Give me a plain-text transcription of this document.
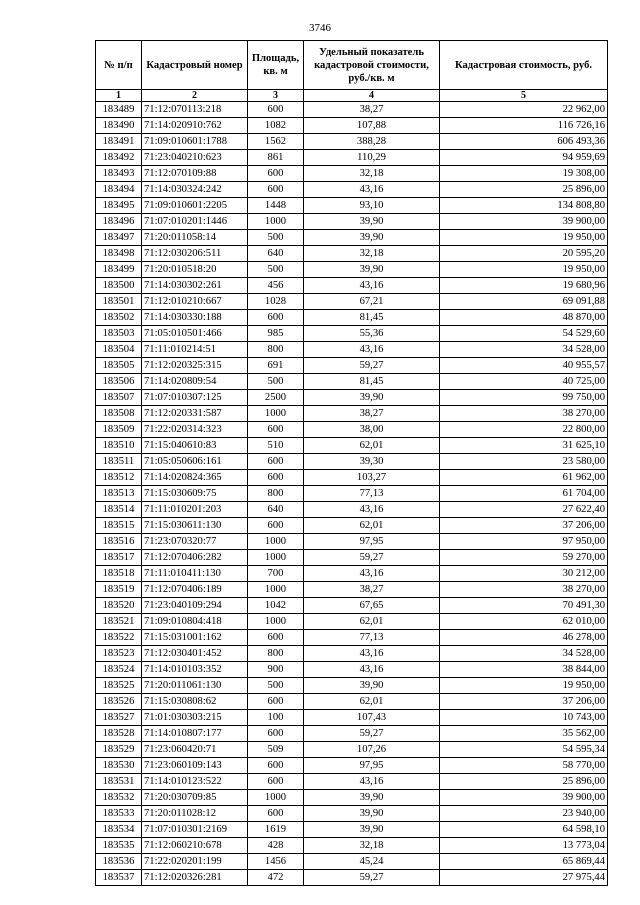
3746
№ п/п	Кадастровый номер	Площадь, кв. м	Удельный показатель кадастровой стоимости, руб./кв. м	Кадастровая стоимость, руб.
1	2	3	4	5
183489	71:12:070113:218	600	38,27	22 962,00
183490	71:14:020910:762	1082	107,88	116 726,16
183491	71:09:010601:1788	1562	388,28	606 493,36
183492	71:23:040210:623	861	110,29	94 959,69
183493	71:12:070109:88	600	32,18	19 308,00
183494	71:14:030324:242	600	43,16	25 896,00
183495	71:09:010601:2205	1448	93,10	134 808,80
183496	71:07:010201:1446	1000	39,90	39 900,00
183497	71:20:011058:14	500	39,90	19 950,00
183498	71:12:030206:511	640	32,18	20 595,20
183499	71:20:010518:20	500	39,90	19 950,00
183500	71:14:030302:261	456	43,16	19 680,96
183501	71:12:010210:667	1028	67,21	69 091,88
183502	71:14:030330:188	600	81,45	48 870,00
183503	71:05:010501:466	985	55,36	54 529,60
183504	71:11:010214:51	800	43,16	34 528,00
183505	71:12:020325:315	691	59,27	40 955,57
183506	71:14:020809:54	500	81,45	40 725,00
183507	71:07:010307:125	2500	39,90	99 750,00
183508	71:12:020331:587	1000	38,27	38 270,00
183509	71:22:020314:323	600	38,00	22 800,00
183510	71:15:040610:83	510	62,01	31 625,10
183511	71:05:050606:161	600	39,30	23 580,00
183512	71:14:020824:365	600	103,27	61 962,00
183513	71:15:030609:75	800	77,13	61 704,00
183514	71:11:010201:203	640	43,16	27 622,40
183515	71:15:030611:130	600	62,01	37 206,00
183516	71:23:070320:77	1000	97,95	97 950,00
183517	71:12:070406:282	1000	59,27	59 270,00
183518	71:11:010411:130	700	43,16	30 212,00
183519	71:12:070406:189	1000	38,27	38 270,00
183520	71:23:040109:294	1042	67,65	70 491,30
183521	71:09:010804:418	1000	62,01	62 010,00
183522	71:15:031001:162	600	77,13	46 278,00
183523	71:12:030401:452	800	43,16	34 528,00
183524	71:14:010103:352	900	43,16	38 844,00
183525	71:20:011061:130	500	39,90	19 950,00
183526	71:15:030808:62	600	62,01	37 206,00
183527	71:01:030303:215	100	107,43	10 743,00
183528	71:14:010807:177	600	59,27	35 562,00
183529	71:23:060420:71	509	107,26	54 595,34
183530	71:23:060109:143	600	97,95	58 770,00
183531	71:14:010123:522	600	43,16	25 896,00
183532	71:20:030709:85	1000	39,90	39 900,00
183533	71:20:011028:12	600	39,90	23 940,00
183534	71:07:010301:2169	1619	39,90	64 598,10
183535	71:12:060210:678	428	32,18	13 773,04
183536	71:22:020201:199	1456	45,24	65 869,44
183537	71:12:020326:281	472	59,27	27 975,44
